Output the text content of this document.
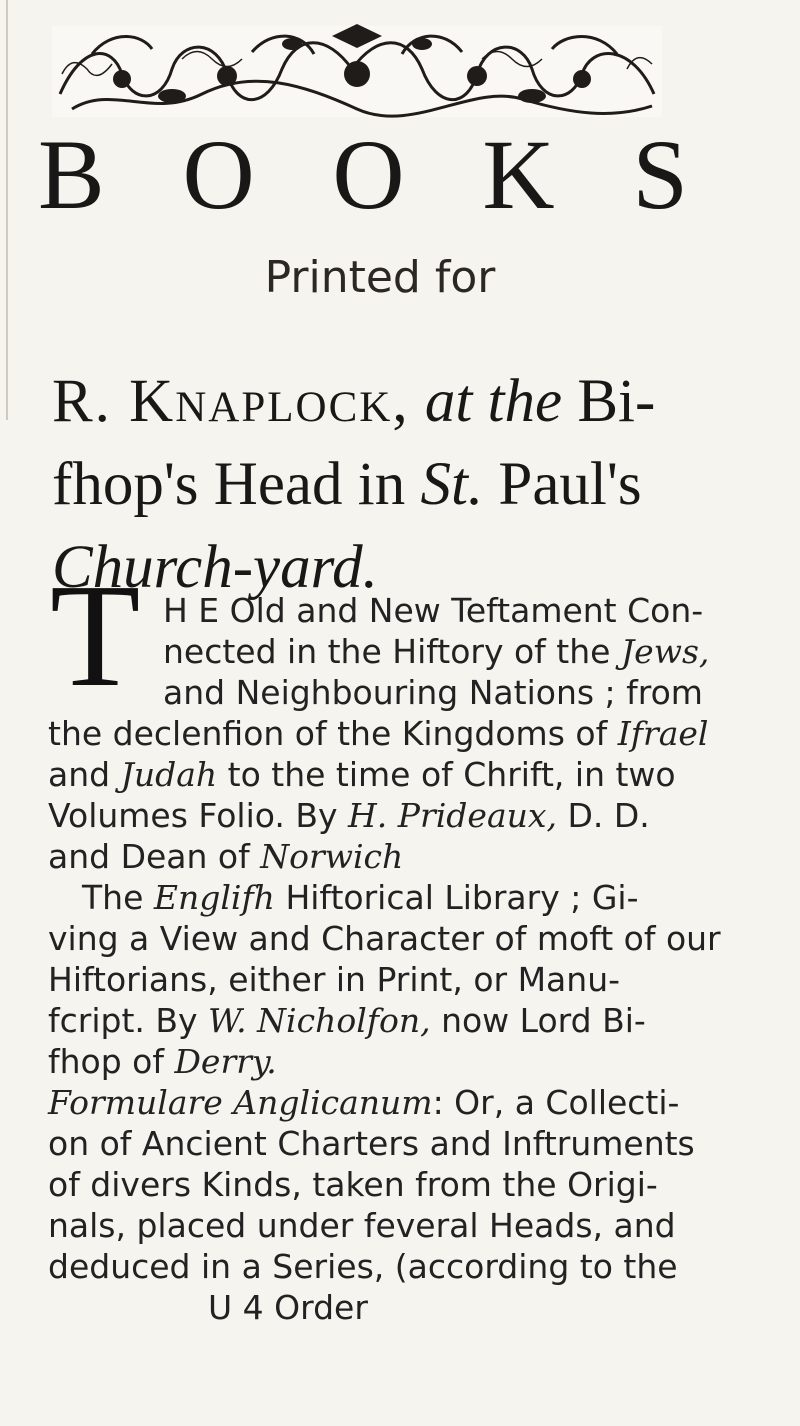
B O O K S
Printed for
R. Knaplock, at the Bi-
fhop's Head in St. Paul's
Church-yard.
T H E Old and New Teftament Con-
nected in the Hiftory of the Jews,
and Neighbouring Nations ; from
the declenfion of the Kingdoms of Ifrael
and Judah to the time of Chrift, in two
Volumes Folio. By H. Prideaux, D. D.
and Dean of Norwich
The Englifh Hiftorical Library ; Gi-
ving a View and Character of moft of our
Hiftorians, either in Print, or Manu-
fcript. By W. Nicholfon, now Lord Bi-
fhop of Derry.
Formulare Anglicanum: Or, a Collecti-
on of Ancient Charters and Inftruments
of divers Kinds, taken from the Origi-
nals, placed under feveral Heads, and
deduced in a Series, (according to the
U 4 Order
